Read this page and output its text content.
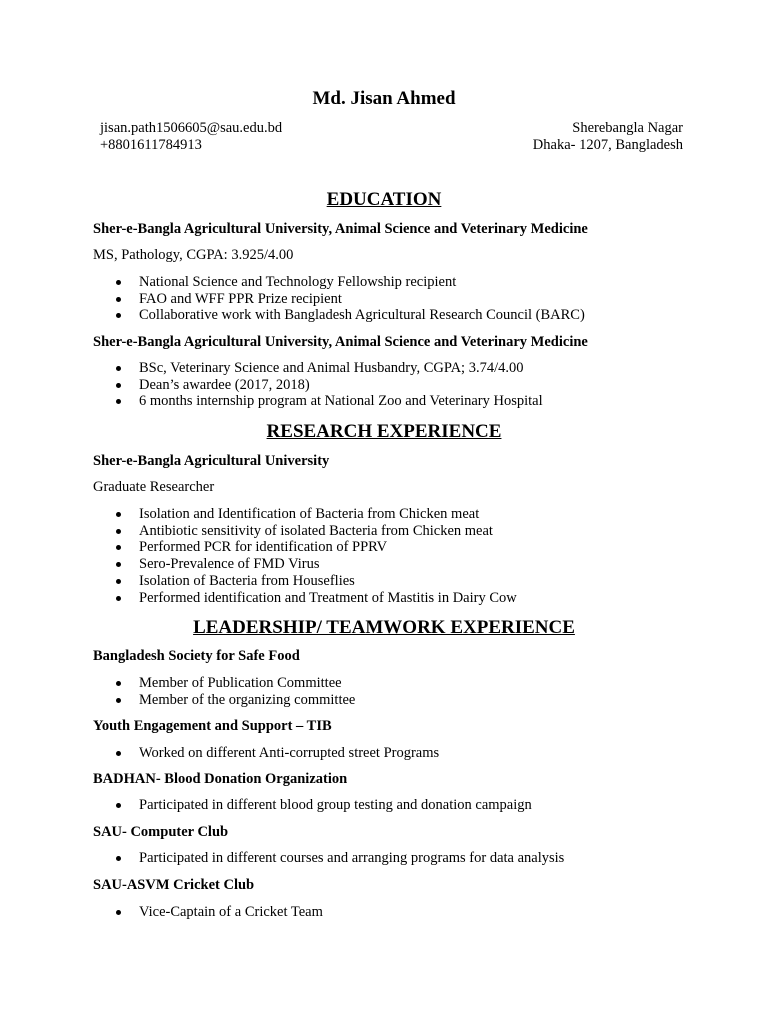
Md. Jisan Ahmed
jisan.path1506605@sau.edu.bd
+8801611784913
Sherebangla Nagar
Dhaka- 1207, Bangladesh
EDUCATION

Sher-e-Bangla Agricultural University, Animal Science and Veterinary Medicine

MS, Pathology, CGPA: 3.925/4.00

National Science and Technology Fellowship recipient
FAO and WFF PPR Prize recipient
Collaborative work with Bangladesh Agricultural Research Council (BARC)

Sher-e-Bangla Agricultural University, Animal Science and Veterinary Medicine

BSc, Veterinary Science and Animal Husbandry, CGPA; 3.74/4.00
Dean’s awardee (2017, 2018)
6 months internship program at National Zoo and Veterinary Hospital
RESEARCH EXPERIENCE

Sher-e-Bangla Agricultural University

Graduate Researcher

Isolation and Identification of Bacteria from Chicken meat
Antibiotic sensitivity of isolated Bacteria from Chicken meat
Performed PCR for identification of PPRV
Sero-Prevalence of FMD Virus
Isolation of Bacteria from Houseflies
Performed identification and Treatment of Mastitis in Dairy Cow
LEADERSHIP/ TEAMWORK EXPERIENCE

Bangladesh Society for Safe Food

Member of Publication Committee
Member of the organizing committee

Youth Engagement and Support – TIB

Worked on different Anti-corrupted street Programs

BADHAN- Blood Donation Organization

Participated in different blood group testing and donation campaign

SAU- Computer Club

Participated in different courses and arranging programs for data analysis

SAU-ASVM Cricket Club

Vice-Captain of a Cricket Team
